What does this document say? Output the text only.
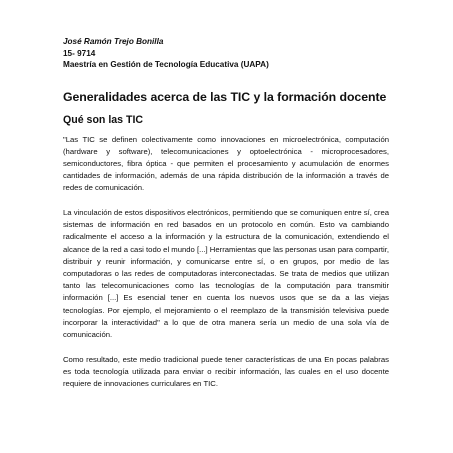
José Ramón Trejo Bonilla

15- 9714

Maestría en Gestión de Tecnología Educativa (UAPA)

Generalidades acerca de las TIC y la formación docente
Qué son las TIC

"Las TIC se definen colectivamente como innovaciones en microelectrónica, computación (hardware y software), telecomunicaciones y optoelectrónica - microprocesadores, semiconductores, fibra óptica - que permiten el procesamiento y acumulación de enormes cantidades de información, además de una rápida distribución de la información a través de redes de comunicación.

La vinculación de estos dispositivos electrónicos, permitiendo que se comuniquen entre sí, crea sistemas de información en red basados en un protocolo en común. Esto va cambiando radicalmente el acceso a la información y la estructura de la comunicación, extendiendo el alcance de la red a casi todo el mundo [...] Herramientas que las personas usan para compartir, distribuir y reunir información, y comunicarse entre sí, o en grupos, por medio de las computadoras o las redes de computadoras interconectadas. Se trata de medios que utilizan tanto las telecomunicaciones como las tecnologías de la computación para transmitir información [...] Es esencial tener en cuenta los nuevos usos que se da a las viejas tecnologías. Por ejemplo, el mejoramiento o el reemplazo de la transmisión televisiva puede incorporar la interactividad" a lo que de otra manera sería un medio de una sola vía de comunicación.

Como resultado, este medio tradicional puede tener características de una En pocas palabras es toda tecnología utilizada para enviar o recibir información, las cuales en el uso docente requiere de innovaciones curriculares en TIC.
